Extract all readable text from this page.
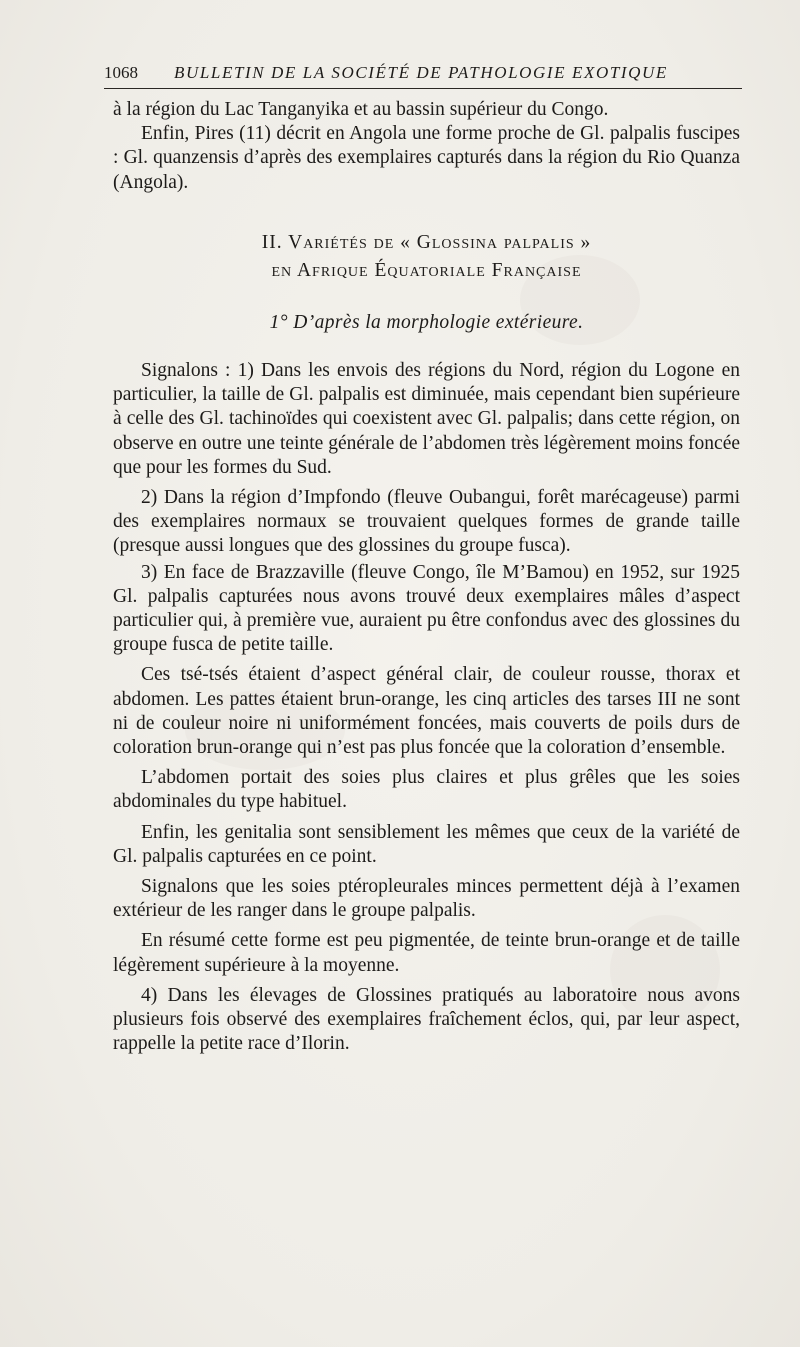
1068 BULLETIN DE LA SOCIÉTÉ DE PATHOLOGIE EXOTIQUE

à la région du Lac Tanganyika et au bassin supérieur du Congo.

Enfin, Pires (11) décrit en Angola une forme proche de Gl. palpalis fuscipes : Gl. quanzensis d’après des exemplaires capturés dans la région du Rio Quanza (Angola).

II. Variétés de « Glossina palpalis »
en Afrique Équatoriale Française

1° D’après la morphologie extérieure.

Signalons : 1) Dans les envois des régions du Nord, région du Logone en particulier, la taille de Gl. palpalis est diminuée, mais cependant bien supérieure à celle des Gl. tachinoïdes qui coexistent avec Gl. palpalis; dans cette région, on observe en outre une teinte générale de l’abdomen très légèrement moins foncée que pour les formes du Sud.

2) Dans la région d’Impfondo (fleuve Oubangui, forêt marécageuse) parmi des exemplaires normaux se trouvaient quelques formes de grande taille (presque aussi longues que des glossines du groupe fusca).

3) En face de Brazzaville (fleuve Congo, île M’Bamou) en 1952, sur 1925 Gl. palpalis capturées nous avons trouvé deux exemplaires mâles d’aspect particulier qui, à première vue, auraient pu être confondus avec des glossines du groupe fusca de petite taille.

Ces tsé-tsés étaient d’aspect général clair, de couleur rousse, thorax et abdomen. Les pattes étaient brun-orange, les cinq articles des tarses III ne sont ni de couleur noire ni uniformément foncées, mais couverts de poils durs de coloration brun-orange qui n’est pas plus foncée que la coloration d’ensemble.

L’abdomen portait des soies plus claires et plus grêles que les soies abdominales du type habituel.

Enfin, les genitalia sont sensiblement les mêmes que ceux de la variété de Gl. palpalis capturées en ce point.

Signalons que les soies ptéropleurales minces permettent déjà à l’examen extérieur de les ranger dans le groupe palpalis.

En résumé cette forme est peu pigmentée, de teinte brun-orange et de taille légèrement supérieure à la moyenne.

4) Dans les élevages de Glossines pratiqués au laboratoire nous avons plusieurs fois observé des exemplaires fraîchement éclos, qui, par leur aspect, rappelle la petite race d’Ilorin.
